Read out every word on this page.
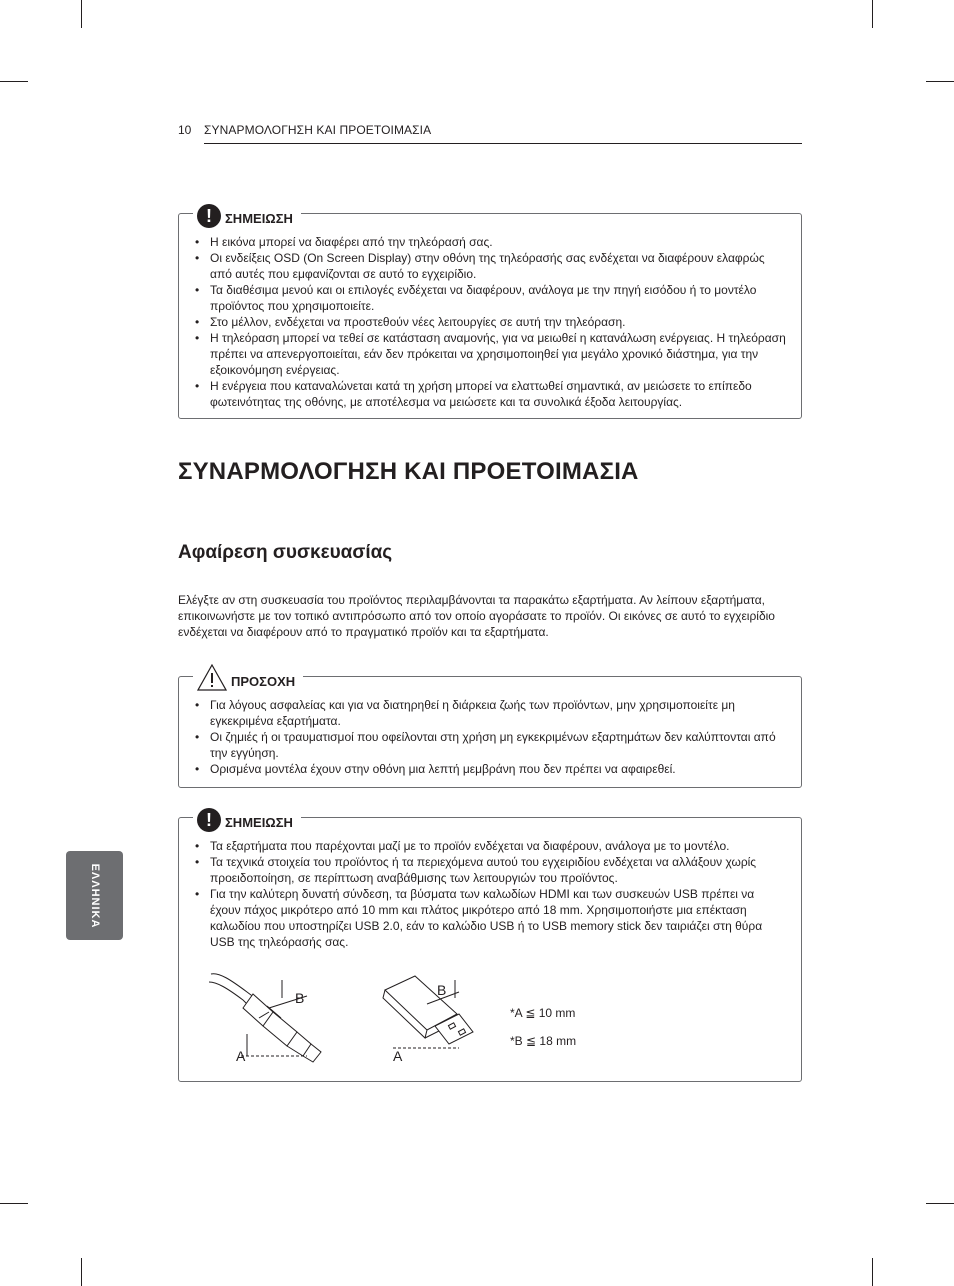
10 ΣΥΝΑΡΜΟΛΟΓΗΣΗ ΚΑΙ ΠΡΟΕΤΟΙΜΑΣΙΑ
!	ΣΗΜΕΙΩΣΗ
• Η εικόνα μπορεί να διαφέρει από την τηλεόρασή σας.
• Οι ενδείξεις OSD (On Screen Display) στην οθόνη της τηλεόρασής σας ενδέχεται να διαφέρουν ελαφρώς από αυτές που εμφανίζονται σε αυτό το εγχειρίδιο.
• Τα διαθέσιμα μενού και οι επιλογές ενδέχεται να διαφέρουν, ανάλογα με την πηγή εισόδου ή το μοντέλο προϊόντος που χρησιμοποιείτε.
• Στο μέλλον, ενδέχεται να προστεθούν νέες λειτουργίες σε αυτή την τηλεόραση.
• Η τηλεόραση μπορεί να τεθεί σε κατάσταση αναμονής, για να μειωθεί η κατανάλωση ενέργειας. Η τηλεόραση πρέπει να απενεργοποιείται, εάν δεν πρόκειται να χρησιμοποιηθεί για μεγάλο χρονικό διάστημα, για την εξοικονόμηση ενέργειας.
• Η ενέργεια που καταναλώνεται κατά τη χρήση μπορεί να ελαττωθεί σημαντικά, αν μειώσετε το επίπεδο φωτεινότητας της οθόνης, με αποτέλεσμα να μειώσετε και τα συνολικά έξοδα λειτουργίας.
ΣΥΝΑΡΜΟΛΟΓΗΣΗ ΚΑΙ ΠΡΟΕΤΟΙΜΑΣΙΑ
Αφαίρεση συσκευασίας

Ελέγξτε αν στη συσκευασία του προϊόντος περιλαμβάνονται τα παρακάτω εξαρτήματα. Αν λείπουν εξαρτήματα, επικοινωνήστε με τον τοπικό αντιπρόσωπο από τον οποίο αγοράσατε το προϊόν. Οι εικόνες σε αυτό το εγχειρίδιο ενδέχεται να διαφέρουν από το πραγματικό προϊόν και τα εξαρτήματα.

ΠΡΟΣΟΧΗ
• Για λόγους ασφαλείας και για να διατηρηθεί η διάρκεια ζωής των προϊόντων, μην χρησιμοποιείτε μη εγκεκριμένα εξαρτήματα.
• Οι ζημιές ή οι τραυματισμοί που οφείλονται στη χρήση μη εγκεκριμένων εξαρτημάτων δεν καλύπτονται από την εγγύηση.
• Ορισμένα μοντέλα έχουν στην οθόνη μια λεπτή μεμβράνη που δεν πρέπει να αφαιρεθεί.
!	ΣΗΜΕΙΩΣΗ
• Τα εξαρτήματα που παρέχονται μαζί με το προϊόν ενδέχεται να διαφέρουν, ανάλογα με το μοντέλο.
• Τα τεχνικά στοιχεία του προϊόντος ή τα περιεχόμενα αυτού του εγχειριδίου ενδέχεται να αλλάξουν χωρίς προειδοποίηση, σε περίπτωση αναβάθμισης των λειτουργιών του προϊόντος.
• Για την καλύτερη δυνατή σύνδεση, τα βύσματα των καλωδίων HDMI και των συσκευών USB πρέπει να έχουν πάχος μικρότερο από 10 mm και πλάτος μικρότερο από 18 mm. Χρησιμοποιήστε μια επέκταση καλωδίου που υποστηρίζει USB 2.0, εάν το καλώδιο USB ή το USB memory stick δεν ταιριάζει στη θύρα USB της τηλεόρασής σας.
B
A
B
A
*A ≦ 10 mm
*B ≦ 18 mm
ΕΛΛΗΝΙΚΑ
